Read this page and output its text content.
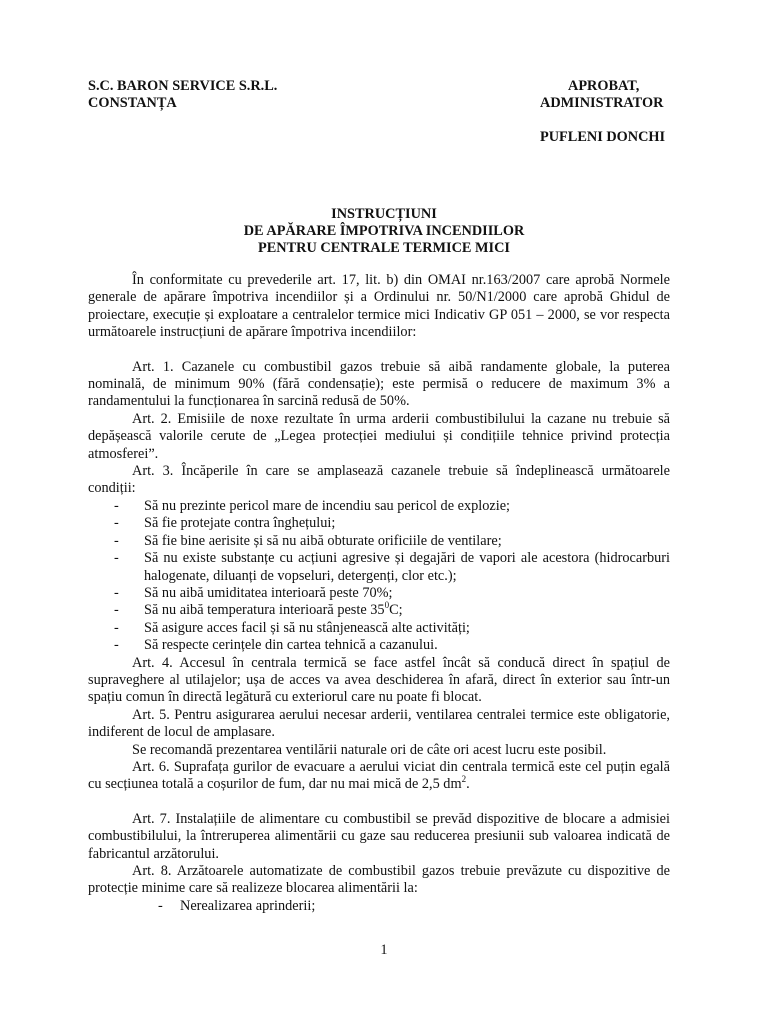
S.C. BARON SERVICE S.R.L.
CONSTANȚA
APROBAT,
ADMINISTRATOR
PUFLENI DONCHI
INSTRUCȚIUNI
DE APĂRARE ÎMPOTRIVA INCENDIILOR
PENTRU CENTRALE TERMICE MICI

În conformitate cu prevederile art. 17, lit. b) din OMAI nr.163/2007 care aprobă Normele generale de apărare împotriva incendiilor și a Ordinului nr. 50/N1/2000 care aprobă Ghidul de proiectare, execuție și exploatare a centralelor termice mici Indicativ GP 051 – 2000, se vor respecta următoarele instrucțiuni de apărare împotriva incendiilor:

Art. 1. Cazanele cu combustibil gazos trebuie să aibă randamente globale, la puterea nominală, de minimum 90% (fără condensație); este permisă o reducere de maximum 3% a randamentului la funcționarea în sarcină redusă de 50%.

Art. 2. Emisiile de noxe rezultate în urma arderii combustibilului la cazane nu trebuie să depășească valorile cerute de „Legea protecției mediului și condițiile tehnice privind protecția atmosferei”.

Art. 3. Încăperile în care se amplasează cazanele trebuie să îndeplinească următoarele condiții:

-	Să nu prezinte pericol mare de incendiu sau pericol de explozie;
-	Să fie protejate contra înghețului;
-	Să fie bine aerisite și să nu aibă obturate orificiile de ventilare;
-	Să nu existe substanțe cu acțiuni agresive și degajări de vapori ale acestora (hidrocarburi halogenate, diluanți de vopseluri, detergenți, clor etc.);
-	Să nu aibă umiditatea interioară peste 70%;
-	Să nu aibă temperatura interioară peste $35^0C$;
-	Să asigure acces facil și să nu stânjenească alte activități;
-	Să respecte cerințele din cartea tehnică a cazanului.

Art. 4. Accesul în centrala termică se face astfel încât să conducă direct în spațiul de supraveghere al utilajelor; ușa de acces va avea deschiderea în afară, direct în exterior sau într-un spațiu comun în directă legătură cu exteriorul care nu poate fi blocat.

Art. 5. Pentru asigurarea aerului necesar arderii, ventilarea centralei termice este obligatorie, indiferent de locul de amplasare.

Se recomandă prezentarea ventilării naturale ori de câte ori acest lucru este posibil.

Art. 6. Suprafața gurilor de evacuare a aerului viciat din centrala termică este cel puțin egală cu secțiunea totală a coșurilor de fum, dar nu mai mică de 2,5 $dm^2$.

Art. 7. Instalațiile de alimentare cu combustibil se prevăd dispozitive de blocare a admisiei combustibilului, la întreruperea alimentării cu gaze sau reducerea presiunii sub valoarea indicată de fabricantul arzătorului.

Art. 8. Arzătoarele automatizate de combustibil gazos trebuie prevăzute cu dispozitive de protecție minime care să realizeze blocarea alimentării la:

-	Nerealizarea aprinderii;
1
